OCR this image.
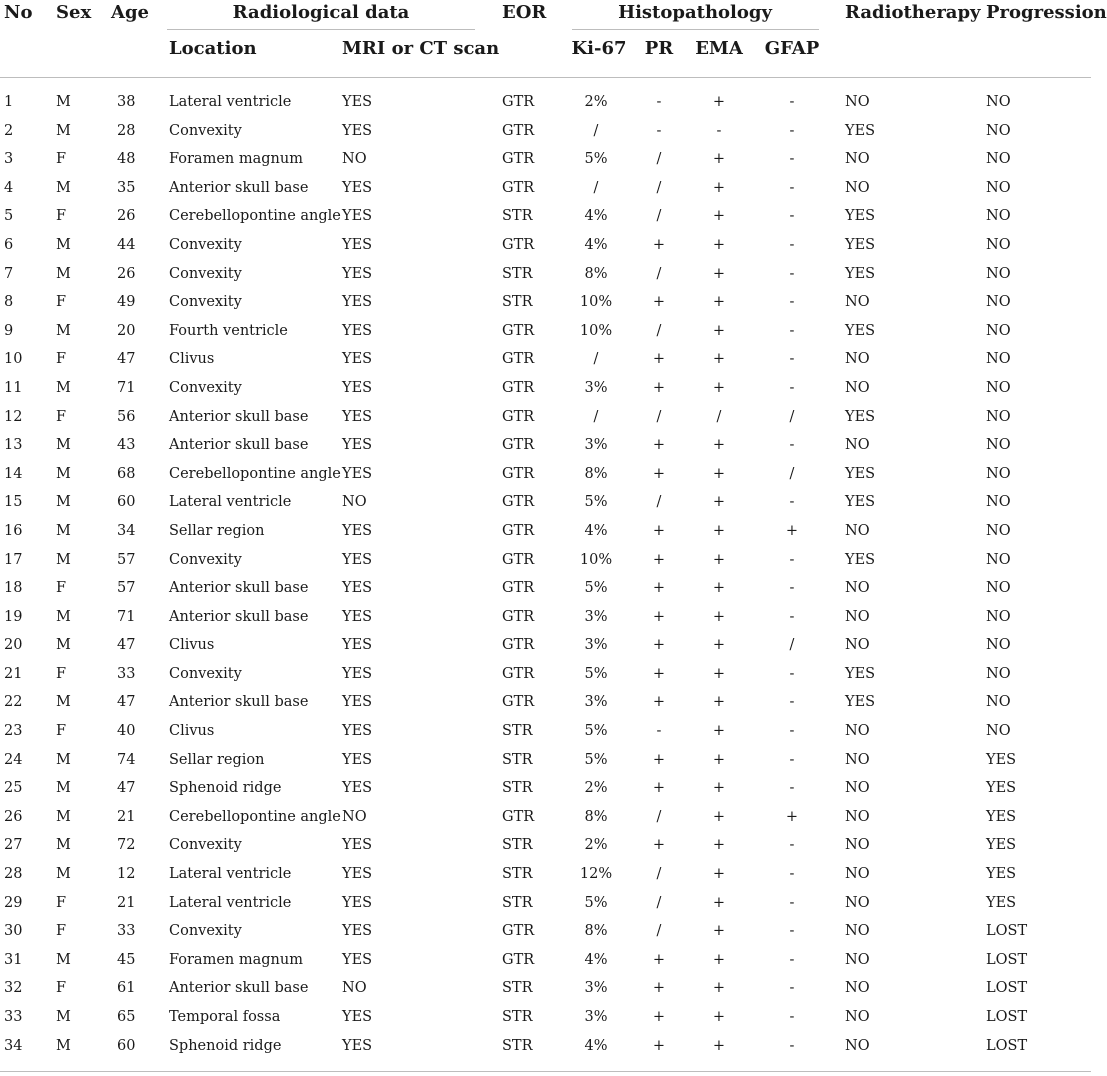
No Sex Age	Radiological data	EOR	Histopathology	Radiotherapy Progression
Location	MRI or CT scan	Ki-67 PR EMA GFAP
1	M	38 Lateral ventricle	YES	GTR	2%	-	+	-	NO	NO
2	M	28 Convexity	YES	GTR	/	-	-	-	YES	NO
3	F	48 Foramen magnum	NO	GTR	5%	/	+	-	NO	NO
4	M	35 Anterior skull base YES	GTR	/	/	+	-	NO	NO
5	F	26 Cerebellopontine angle YES	STR	4%	/	+	-	YES	NO
6	M	44 Convexity	YES	GTR	4%	+	+	-	YES	NO
7	M	26 Convexity	YES	STR	8%	/	+	-	YES	NO
8	F	49 Convexity	YES	STR	10%	+	+	-	NO	NO
9	M	20 Fourth ventricle	YES	GTR	10%	/	+	-	YES	NO
10 F	47 Clivus	YES	GTR	/	+	+	-	NO	NO
11 M	71 Convexity	YES	GTR	3%	+	+	-	NO	NO
12 F	56 Anterior skull base YES	GTR	/	/	/	/	YES	NO
13 M	43 Anterior skull base YES	GTR	3%	+	+	-	NO	NO
14 M	68 Cerebellopontine angle YES	GTR	8%	+	+	/	YES	NO
15 M	60 Lateral ventricle	NO	GTR	5%	/	+	-	YES	NO
16 M	34 Sellar region	YES	GTR	4%	+	+	+	NO	NO
17 M	57 Convexity	YES	GTR	10%	+	+	-	YES	NO
18 F	57 Anterior skull base YES	GTR	5%	+	+	-	NO	NO
19 M	71 Anterior skull base YES	GTR	3%	+	+	-	NO	NO
20 M	47 Clivus	YES	GTR	3%	+	+	/	NO	NO
21 F	33 Convexity	YES	GTR	5%	+	+	-	YES	NO
22 M	47 Anterior skull base YES	GTR	3%	+	+	-	YES	NO
23 F	40 Clivus	YES	STR	5%	-	+	-	NO	NO
24 M	74 Sellar region	YES	STR	5%	+	+	-	NO	YES
25 M	47 Sphenoid ridge	YES	STR	2%	+	+	-	NO	YES
26 M	21 Cerebellopontine angle NO	GTR	8%	/	+	+	NO	YES
27 M	72 Convexity	YES	STR	2%	+	+	-	NO	YES
28 M	12 Lateral ventricle	YES	STR	12%	/	+	-	NO	YES
29 F	21 Lateral ventricle	YES	STR	5%	/	+	-	NO	YES
30 F	33 Convexity	YES	GTR	8%	/	+	-	NO	LOST
31 M	45 Foramen magnum	YES	GTR	4%	+	+	-	NO	LOST
32 F	61 Anterior skull base NO	STR	3%	+	+	-	NO	LOST
33 M	65 Temporal fossa	YES	STR	3%	+	+	-	NO	LOST
34 M	60 Sphenoid ridge	YES	STR	4%	+	+	-	NO	LOST
